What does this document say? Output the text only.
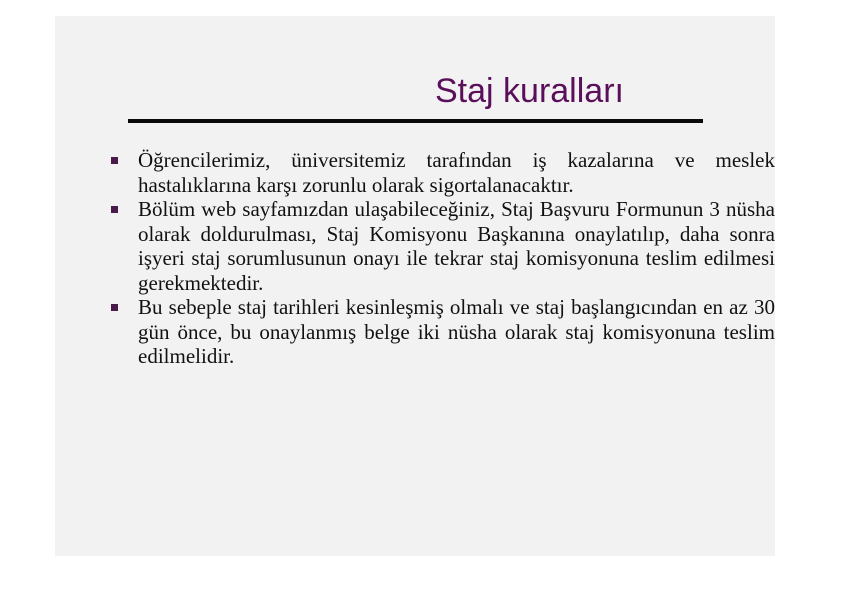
Staj kuralları
Öğrencilerimiz, üniversitemiz tarafından iş kazalarına ve meslek hastalıklarına karşı zorunlu olarak sigortalanacaktır.
Bölüm web sayfamızdan ulaşabileceğiniz, Staj Başvuru Formunun 3 nüsha olarak doldurulması, Staj Komisyonu Başkanına onaylatılıp, daha sonra işyeri staj sorumlusunun onayı ile tekrar staj komisyonuna teslim edilmesi gerekmektedir.
Bu sebeple staj tarihleri kesinleşmiş olmalı ve staj başlangıcından en az 30 gün önce, bu onaylanmış belge iki nüsha olarak staj komisyonuna teslim edilmelidir.
